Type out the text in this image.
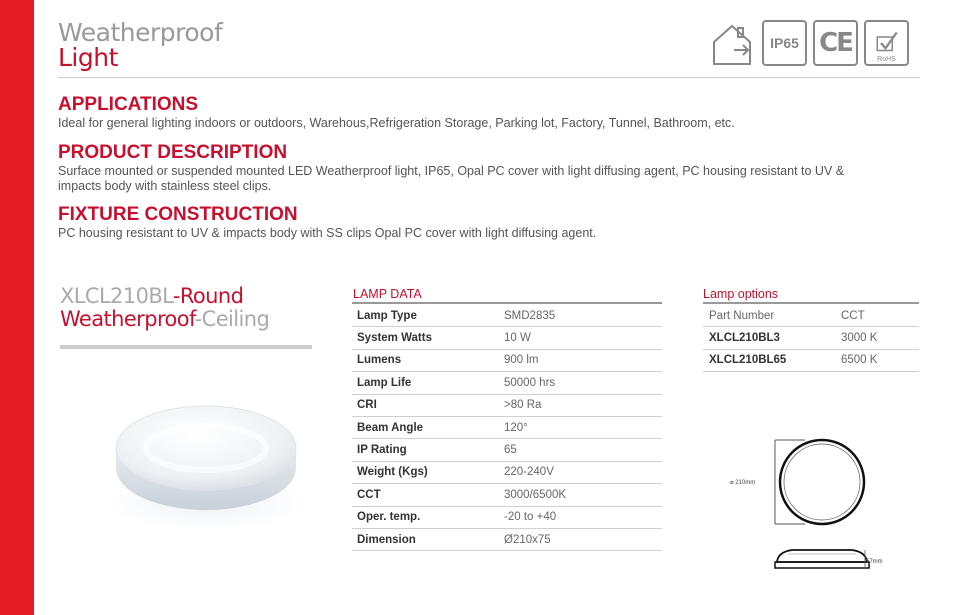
Weatherproof
Light	IP65 CE
RoHS
APPLICATIONS
Ideal for general lighting indoors or outdoors, Warehous,Refrigeration Storage, Parking lot, Factory, Tunnel, Bathroom, etc.
PRODUCT DESCRIPTION
Surface mounted or suspended mounted LED Weatherproof light, IP65, Opal PC cover with light diffusing agent, PC housing resistant to UV &
impacts body with stainless steel clips.
FIXTURE CONSTRUCTION
PC housing resistant to UV & impacts body with SS clips Opal PC cover with light diffusing agent.
XLCL210BL-Round
Weatherproof-Ceiling
LAMP DATA
Lamp Type	SMD2835
System Watts	10 W
Lumens	900 lm
Lamp Life	50000 hrs
CRI	>80 Ra
Beam Angle	120°
IP Rating	65
Weight (Kgs)	220-240V
CCT	3000/6500K
Oper. temp.	-20 to +40
Dimension	Ø210x75
Lamp options
Part Number	CCT
XLCL210BL3	3000 K
XLCL210BL65	6500 K
⌀ 210mm
57mm
